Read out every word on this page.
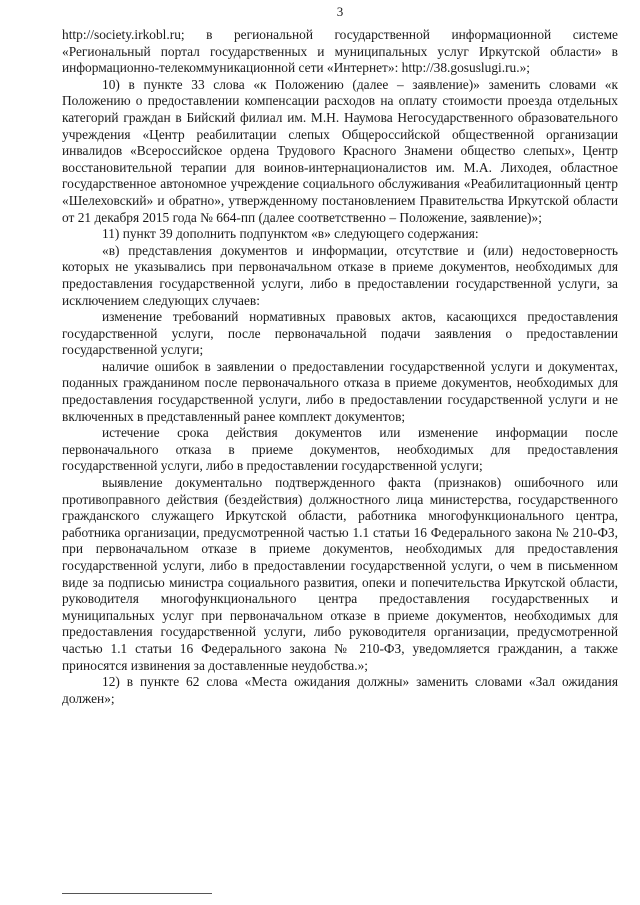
3

http://society.irkobl.ru; в региональной государственной информационной системе «Региональный портал государственных и муниципальных услуг Иркутской области» в информационно-телекоммуникационной сети «Интернет»: http://38.gosuslugi.ru.»;

10) в пункте 33 слова «к Положению (далее – заявление)» заменить словами «к Положению о предоставлении компенсации расходов на оплату стоимости проезда отдельных категорий граждан в Бийский филиал им. М.Н. Наумова Негосударственного образовательного учреждения «Центр реабилитации слепых Общероссийской общественной организации инвалидов «Всероссийское ордена Трудового Красного Знамени общество слепых», Центр восстановительной терапии для воинов-интернационалистов им. М.А. Лиходея, областное государственное автономное учреждение социального обслуживания «Реабилитационный центр «Шелеховский» и обратно», утвержденному постановлением Правительства Иркутской области от 21 декабря 2015 года № 664-пп (далее соответственно – Положение, заявление)»;

11) пункт 39 дополнить подпунктом «в» следующего содержания:

«в) представления документов и информации, отсутствие и (или) недостоверность которых не указывались при первоначальном отказе в приеме документов, необходимых для предоставления государственной услуги, либо в предоставлении государственной услуги, за исключением следующих случаев:

изменение требований нормативных правовых актов, касающихся предоставления государственной услуги, после первоначальной подачи заявления о предоставлении государственной услуги;

наличие ошибок в заявлении о предоставлении государственной услуги и документах, поданных гражданином после первоначального отказа в приеме документов, необходимых для предоставления государственной услуги, либо в предоставлении государственной услуги и не включенных в представленный ранее комплект документов;

истечение срока действия документов или изменение информации после первоначального отказа в приеме документов, необходимых для предоставления государственной услуги, либо в предоставлении государственной услуги;

выявление документально подтвержденного факта (признаков) ошибочного или противоправного действия (бездействия) должностного лица министерства, государственного гражданского служащего Иркутской области, работника многофункционального центра, работника организации, предусмотренной частью 1.1 статьи 16 Федерального закона № 210-ФЗ, при первоначальном отказе в приеме документов, необходимых для предоставления государственной услуги, либо в предоставлении государственной услуги, о чем в письменном виде за подписью министра социального развития, опеки и попечительства Иркутской области, руководителя многофункционального центра предоставления государственных и муниципальных услуг при первоначальном отказе в приеме документов, необходимых для предоставления государственной услуги, либо руководителя организации, предусмотренной частью 1.1 статьи 16 Федерального закона № 210-ФЗ, уведомляется гражданин, а также приносятся извинения за доставленные неудобства.»;

12) в пункте 62 слова «Места ожидания должны» заменить словами «Зал ожидания должен»;
